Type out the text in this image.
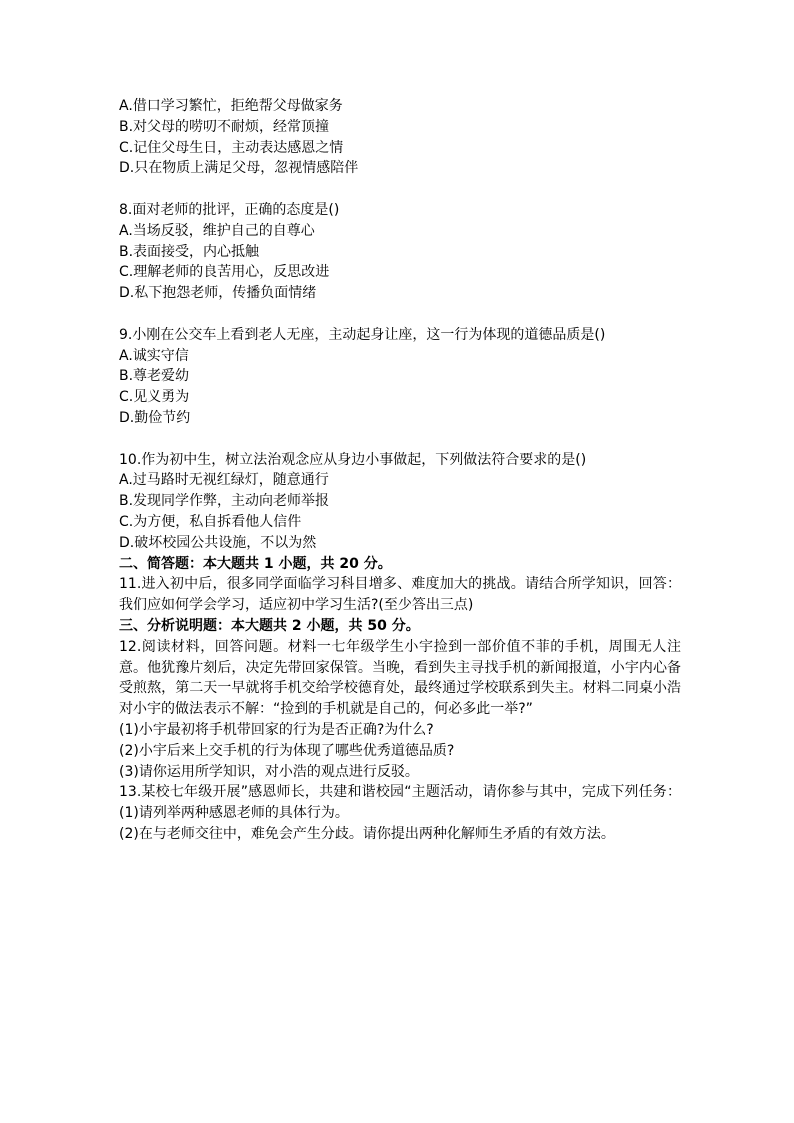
A.借口学习繁忙，拒绝帮父母做家务
B.对父母的唠叨不耐烦，经常顶撞
C.记住父母生日，主动表达感恩之情
D.只在物质上满足父母，忽视情感陪伴
8.面对老师的批评，正确的态度是()
A.当场反驳，维护自己的自尊心
B.表面接受，内心抵触
C.理解老师的良苦用心，反思改进
D.私下抱怨老师，传播负面情绪
9.小刚在公交车上看到老人无座，主动起身让座，这一行为体现的道德品质是()
A.诚实守信
B.尊老爱幼
C.见义勇为
D.勤俭节约
10.作为初中生，树立法治观念应从身边小事做起，下列做法符合要求的是()
A.过马路时无视红绿灯，随意通行
B.发现同学作弊，主动向老师举报
C.为方便，私自拆看他人信件
D.破坏校园公共设施，不以为然
二、简答题：本大题共 1 小题，共 20 分。
11.进入初中后，很多同学面临学习科目增多、难度加大的挑战。请结合所学知识，回答：我们应如何学会学习，适应初中学习生活?(至少答出三点)
三、分析说明题：本大题共 2 小题，共 50 分。
12.阅读材料，回答问题。材料一七年级学生小宇捡到一部价值不菲的手机，周围无人注意。他犹豫片刻后，决定先带回家保管。当晚，看到失主寻找手机的新闻报道，小宇内心备受煎熬，第二天一早就将手机交给学校德育处，最终通过学校联系到失主。材料二同桌小浩对小宇的做法表示不解：“捡到的手机就是自己的，何必多此一举?”
(1)小宇最初将手机带回家的行为是否正确?为什么?
(2)小宇后来上交手机的行为体现了哪些优秀道德品质?
(3)请你运用所学知识，对小浩的观点进行反驳。
13.某校七年级开展”感恩师长，共建和谐校园“主题活动，请你参与其中，完成下列任务：(1)请列举两种感恩老师的具体行为。
(2)在与老师交往中，难免会产生分歧。请你提出两种化解师生矛盾的有效方法。
